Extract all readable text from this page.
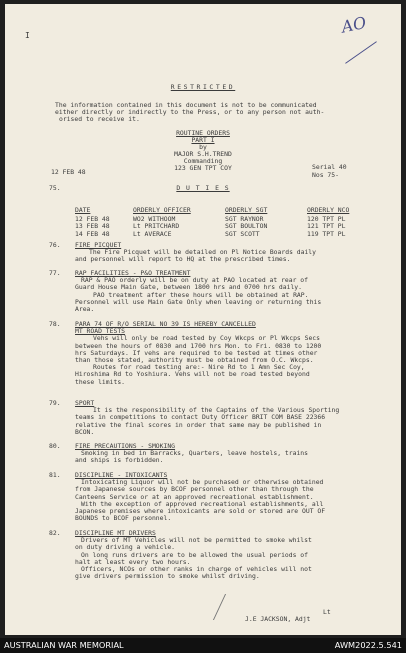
I	AO
RESTRICTED
The information contained in this document is not to be communicated
either directly or indirectly to the Press, or to any person not auth-
orised to receive it.
ROUTINE ORDERS
PART I
by
MAJOR S.H.TREND
Commanding
123 GEN TPT COY
12 FEB 48
Serial 40
Nos 75-
75.	D U T I E S
DATE	ORDERLY OFFICER	ORDERLY SGT	ORDERLY NCO
12 FEB 48	WO2 WITHOOM	SGT RAYNOR	120 TPT PL
13 FEB 48	Lt PRITCHARD	SGT BOULTON	121 TPT PL
14 FEB 48	Lt AVERACE	SGT SCOTT	119 TPT PL
76. FIRE PICQUET
The Fire Picquet will be detailed on Pl Notice Boards daily
and personnel will report to HQ at the prescribed times.
77. RAP FACILITIES - P&O TREATMENT
RAP & PAO orderly will be on duty at PAO located at rear of
Guard House Main Gate, between 1800 hrs and 0700 hrs daily.
PAO treatment after these hours will be obtained at RAP.
Personnel will use Main Gate Only when leaving or returning this
Area.
78. PARA 74 OF R/O SERIAL NO 39 IS HEREBY CANCELLED
MT ROAD TESTS
Vehs will only be road tested by Coy Wkcps or Pl Wkcps Secs
between the hours of 0830 and 1700 hrs Mon. to Fri. 0830 to 1200
hrs Saturdays. If vehs are required to be tested at times other
than those stated, authority must be obtained from O.C. Wkcps.
Routes for road testing are:- Nire Rd to 1 Amn Sec Coy,
Hiroshima Rd to Yoshiura. Vehs will not be road tested beyond
these limits.
79. SPORT
It is the responsibility of the Captains of the Various Sporting
teams in competitions to contact Duty Officer BRIT COM BASE 22366
relative the final scores in order that same may be published in
BCON.
80. FIRE PRECAUTIONS - SMOKING
Smoking in bed in Barracks, Quarters, leave hostels, trains
and ships is forbidden.
81. DISCIPLINE - INTOXICANTS
Intoxicating Liquor will not be purchased or otherwise obtained
from Japanese sources by BCOF personnel other than through the
Canteens Service or at an approved recreational establishment.
With the exception of approved recreational establishments, all
Japanese premises where intoxicants are sold or stored are OUT OF
BOUNDS to BCOF personnel.
82. DISCIPLINE MT DRIVERS
Drivers of MT Vehicles will not be permitted to smoke whilst
on duty driving a vehicle.
On long runs drivers are to be allowed the usual periods of
halt at least every two hours.
Officers, NCOs or other ranks in charge of vehicles will not
give drivers permission to smoke whilst driving.
Lt
J.E JACKSON, Adjt
AUSTRALIAN WAR MEMORIAL	AWM2022.5.541
